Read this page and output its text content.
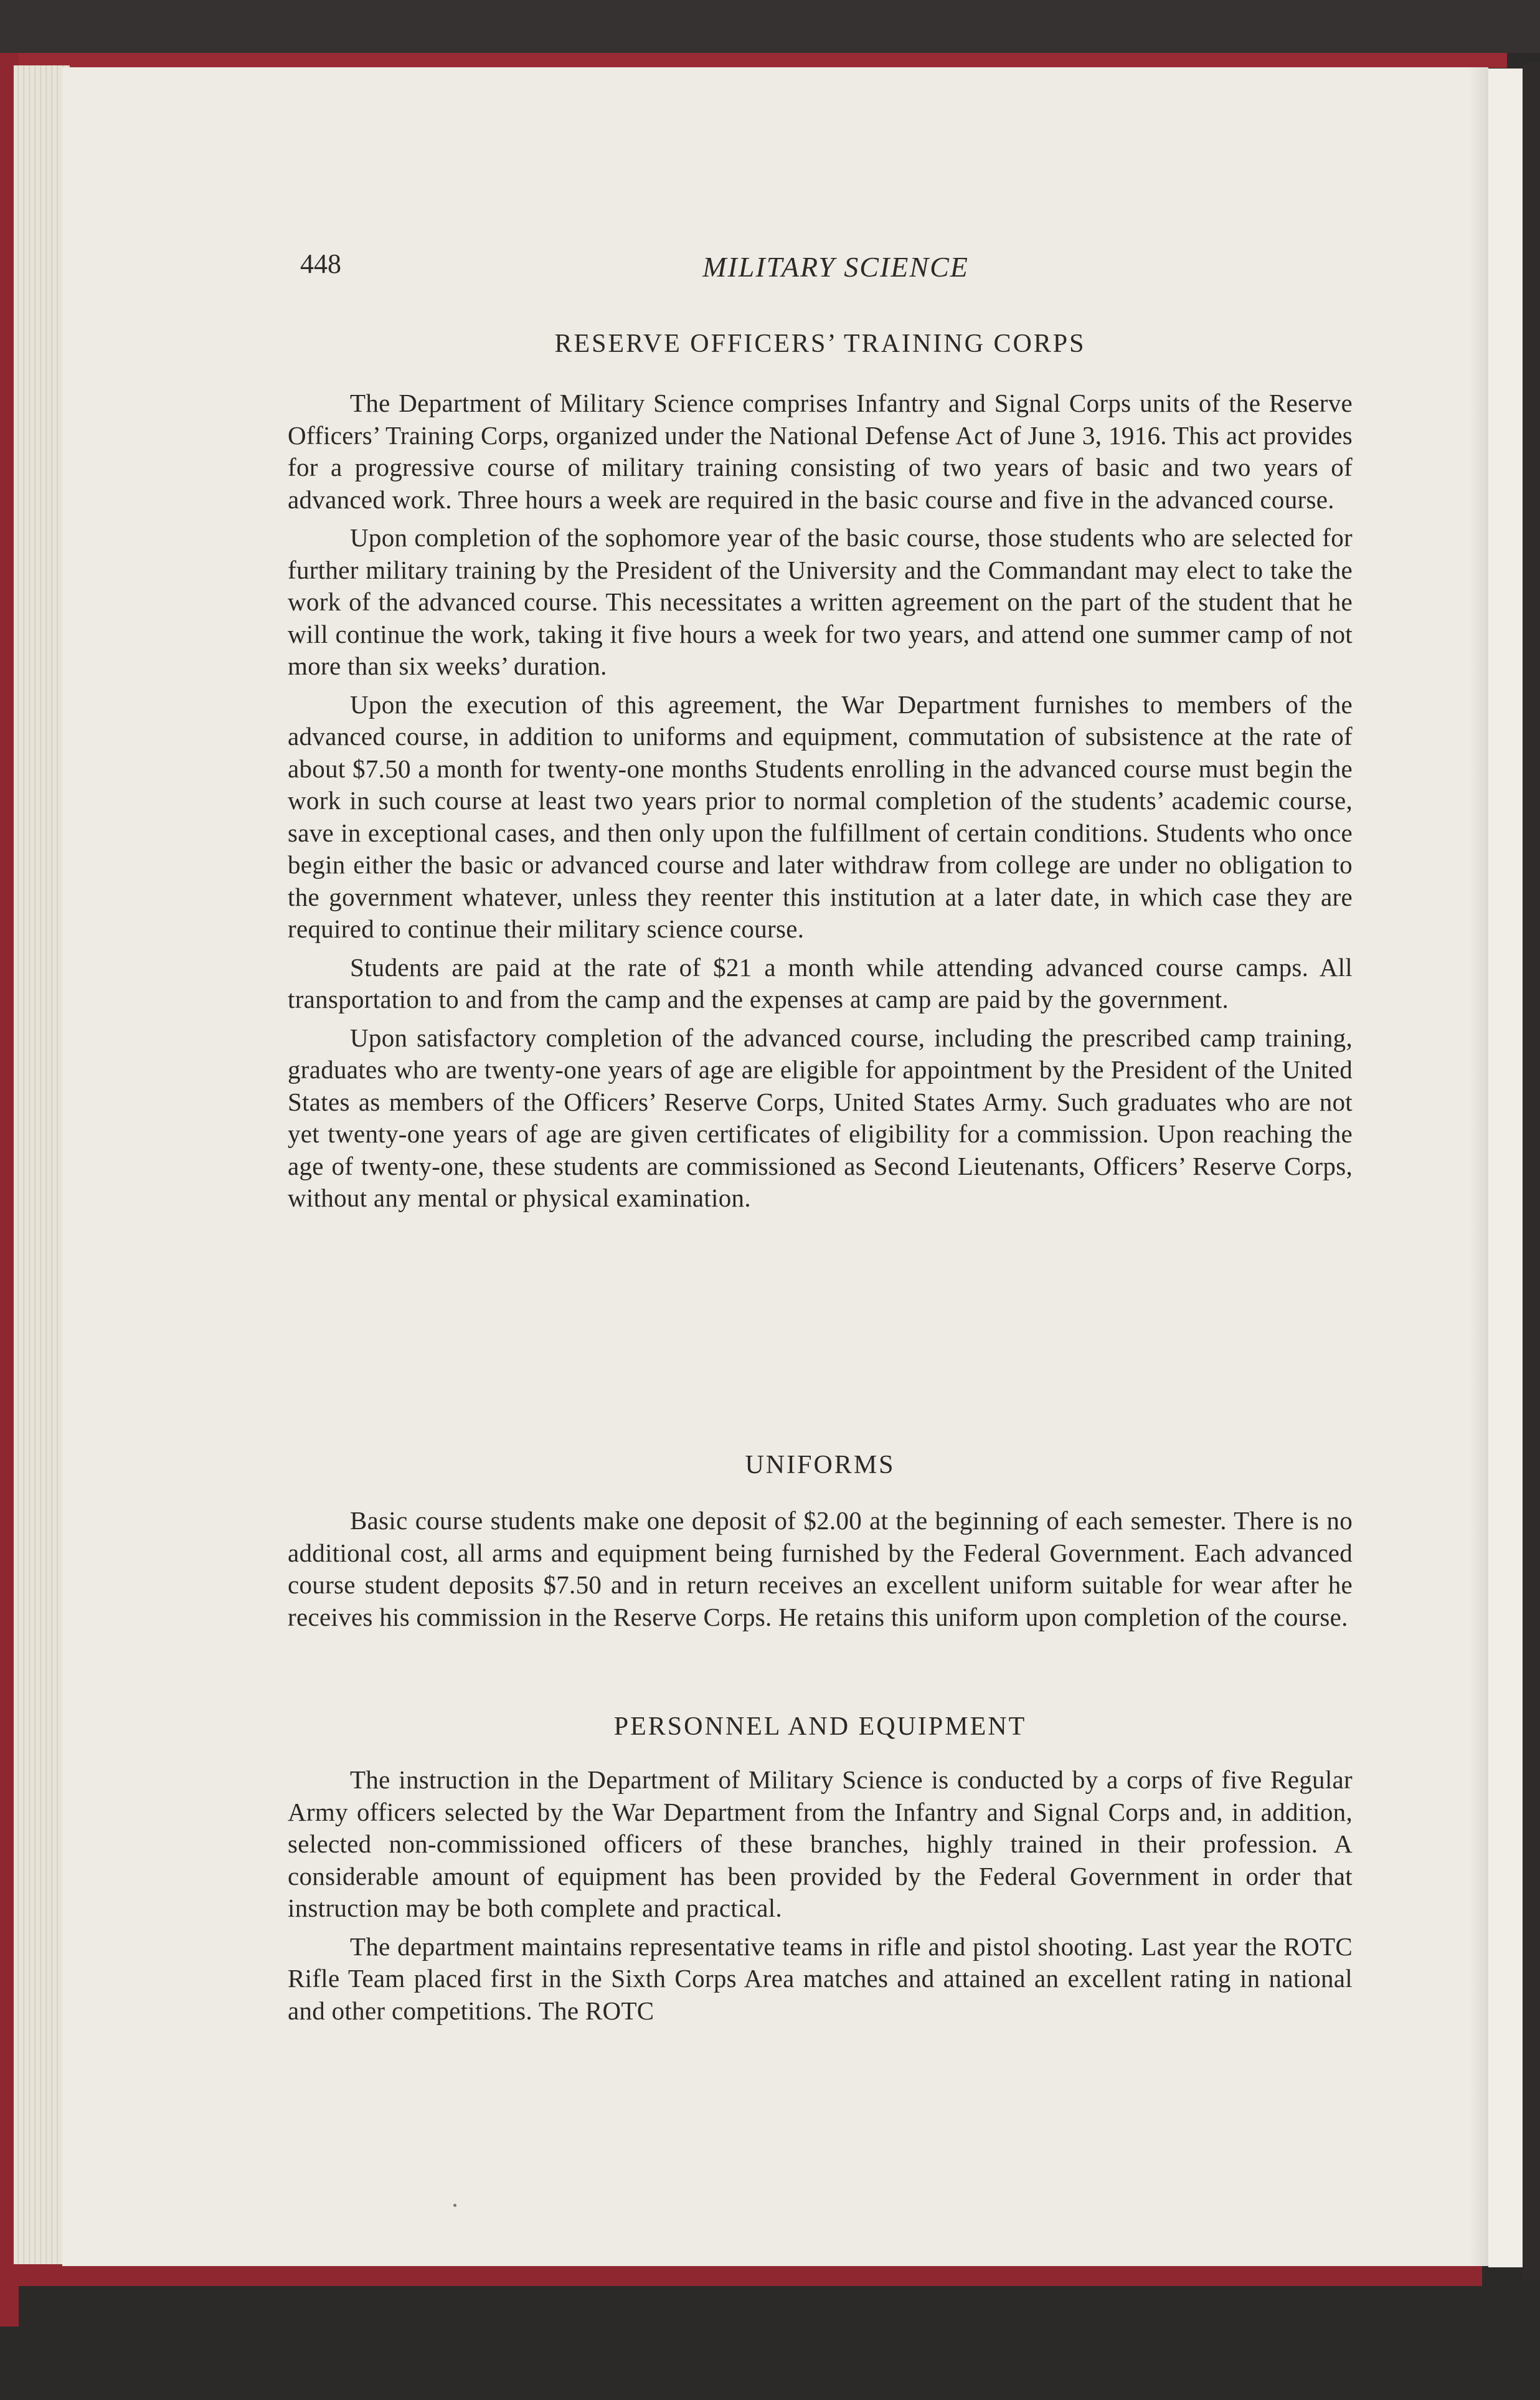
448	MILITARY SCIENCE
RESERVE OFFICERS’ TRAINING CORPS

The Department of Military Science comprises Infantry and Signal Corps units of the Reserve Officers’ Training Corps, organized under the National Defense Act of June 3, 1916. This act provides for a progressive course of military training consisting of two years of basic and two years of advanced work. Three hours a week are required in the basic course and five in the advanced course.

Upon completion of the sophomore year of the basic course, those students who are selected for further military training by the President of the University and the Commandant may elect to take the work of the advanced course. This necessitates a written agreement on the part of the student that he will continue the work, taking it five hours a week for two years, and attend one summer camp of not more than six weeks’ duration.

Upon the execution of this agreement, the War Department furnishes to members of the advanced course, in addition to uniforms and equipment, commutation of subsistence at the rate of about $7.50 a month for twenty-one months Students enrolling in the advanced course must begin the work in such course at least two years prior to normal completion of the students’ academic course, save in exceptional cases, and then only upon the fulfillment of certain conditions. Students who once begin either the basic or advanced course and later withdraw from college are under no obligation to the government whatever, unless they reenter this institution at a later date, in which case they are required to continue their military science course.

Students are paid at the rate of $21 a month while attending advanced course camps. All transportation to and from the camp and the expenses at camp are paid by the government.

Upon satisfactory completion of the advanced course, including the prescribed camp training, graduates who are twenty-one years of age are eligible for appointment by the President of the United States as members of the Officers’ Reserve Corps, United States Army. Such graduates who are not yet twenty-one years of age are given certificates of eligibility for a commission. Upon reaching the age of twenty-one, these students are commissioned as Second Lieutenants, Officers’ Reserve Corps, without any mental or physical examination.

UNIFORMS

Basic course students make one deposit of $2.00 at the beginning of each semester. There is no additional cost, all arms and equipment being furnished by the Federal Government. Each advanced course student deposits $7.50 and in return receives an excellent uniform suitable for wear after he receives his commission in the Reserve Corps. He retains this uniform upon completion of the course.

PERSONNEL AND EQUIPMENT

The instruction in the Department of Military Science is conducted by a corps of five Regular Army officers selected by the War Department from the Infantry and Signal Corps and, in addition, selected non-commissioned officers of these branches, highly trained in their profession. A considerable amount of equipment has been provided by the Federal Government in order that instruction may be both complete and practical.

The department maintains representative teams in rifle and pistol shooting. Last year the ROTC Rifle Team placed first in the Sixth Corps Area matches and attained an excellent rating in national and other competitions. The ROTC
